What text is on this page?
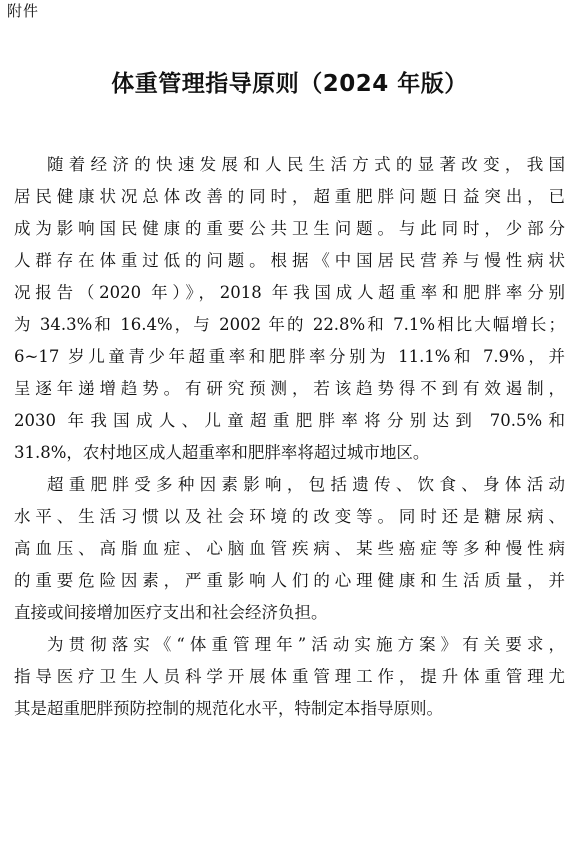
附件
体重管理指导原则（2024 年版）
随着经济的快速发展和人民生活方式的显著改变，我国
居民健康状况总体改善的同时，超重肥胖问题日益突出，已
成为影响国民健康的重要公共卫生问题。与此同时，少部分
人群存在体重过低的问题。根据《中国居民营养与慢性病状
况报告（2020 年）》，2018 年我国成人超重率和肥胖率分别
为 34.3%和 16.4%，与 2002 年的 22.8%和 7.1%相比大幅增长；
6~17 岁儿童青少年超重率和肥胖率分别为 11.1%和 7.9%，并
呈逐年递增趋势。有研究预测，若该趋势得不到有效遏制，
2030 年我国成人、儿童超重肥胖率将分别达到 70.5%和
31.8%，农村地区成人超重率和肥胖率将超过城市地区。
超重肥胖受多种因素影响，包括遗传、饮食、身体活动
水平、生活习惯以及社会环境的改变等。同时还是糖尿病、
高血压、高脂血症、心脑血管疾病、某些癌症等多种慢性病
的重要危险因素，严重影响人们的心理健康和生活质量，并
直接或间接增加医疗支出和社会经济负担。
为贯彻落实《“体重管理年”活动实施方案》有关要求，
指导医疗卫生人员科学开展体重管理工作，提升体重管理尤
其是超重肥胖预防控制的规范化水平，特制定本指导原则。
